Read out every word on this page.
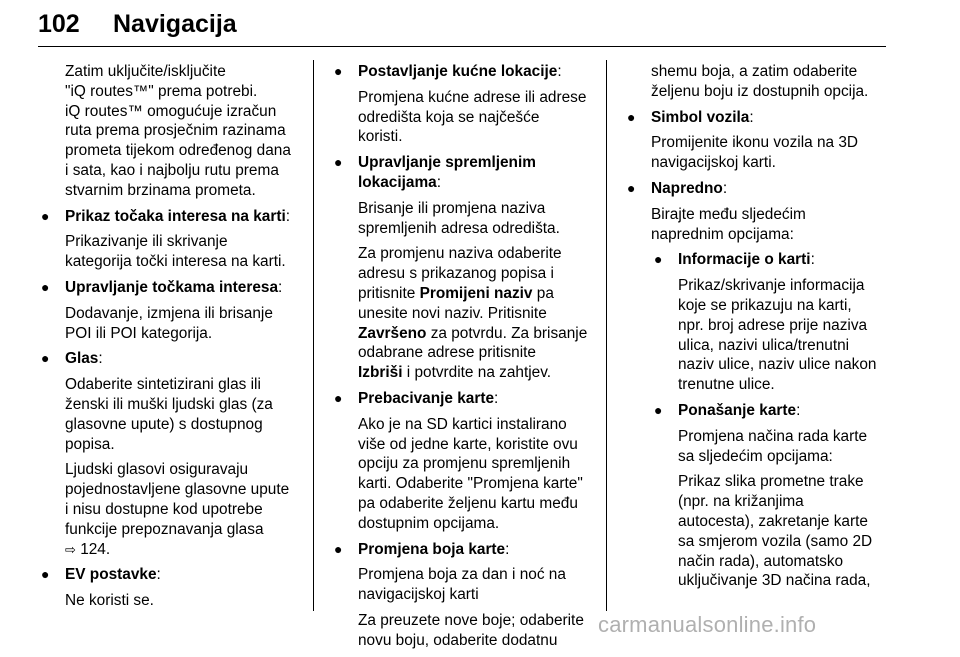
102 Navigacija

Zatim uključite/isključite
"iQ routes™" prema potrebi.
iQ routes™ omogućuje izračun
ruta prema prosječnim razinama
prometa tijekom određenog dana
i sata, kao i najbolju rutu prema
stvarnim brzinama prometa.

● Prikaz točaka interesa na karti:

Prikazivanje ili skrivanje
kategorija točki interesa na karti.

● Upravljanje točkama interesa:

Dodavanje, izmjena ili brisanje
POI ili POI kategorija.

● Glas:

Odaberite sintetizirani glas ili
ženski ili muški ljudski glas (za
glasovne upute) s dostupnog
popisa.

Ljudski glasovi osiguravaju
pojednostavljene glasovne upute
i nisu dostupne kod upotrebe
funkcije prepoznavanja glasa
⇨ 124.

● EV postavke:

Ne koristi se.

● Postavljanje kućne lokacije:

Promjena kućne adrese ili adrese
odredišta koja se najčešće
koristi.

● Upravljanje spremljenim
lokacijama:

Brisanje ili promjena naziva
spremljenih adresa odredišta.

Za promjenu naziva odaberite
adresu s prikazanog popisa i
pritisnite Promijeni naziv pa
unesite novi naziv. Pritisnite
Završeno za potvrdu. Za brisanje
odabrane adrese pritisnite
Izbriši i potvrdite na zahtjev.

● Prebacivanje karte:

Ako je na SD kartici instalirano
više od jedne karte, koristite ovu
opciju za promjenu spremljenih
karti. Odaberite "Promjena karte"
pa odaberite željenu kartu među
dostupnim opcijama.

● Promjena boja karte:

Promjena boja za dan i noć na
navigacijskoj karti

Za preuzete nove boje; odaberite
novu boju, odaberite dodatnu

shemu boja, a zatim odaberite
željenu boju iz dostupnih opcija.

● Simbol vozila:

Promijenite ikonu vozila na 3D
navigacijskoj karti.

● Napredno:

Birajte među sljedećim
naprednim opcijama:

● Informacije o karti:

Prikaz/skrivanje informacija
koje se prikazuju na karti,
npr. broj adrese prije naziva
ulica, nazivi ulica/trenutni
naziv ulice, naziv ulice nakon
trenutne ulice.

● Ponašanje karte:

Promjena načina rada karte
sa sljedećim opcijama:

Prikaz slika prometne trake
(npr. na križanjima
autocesta), zakretanje karte
sa smjerom vozila (samo 2D
način rada), automatsko
uključivanje 3D načina rada,

carmanualsonline.info
